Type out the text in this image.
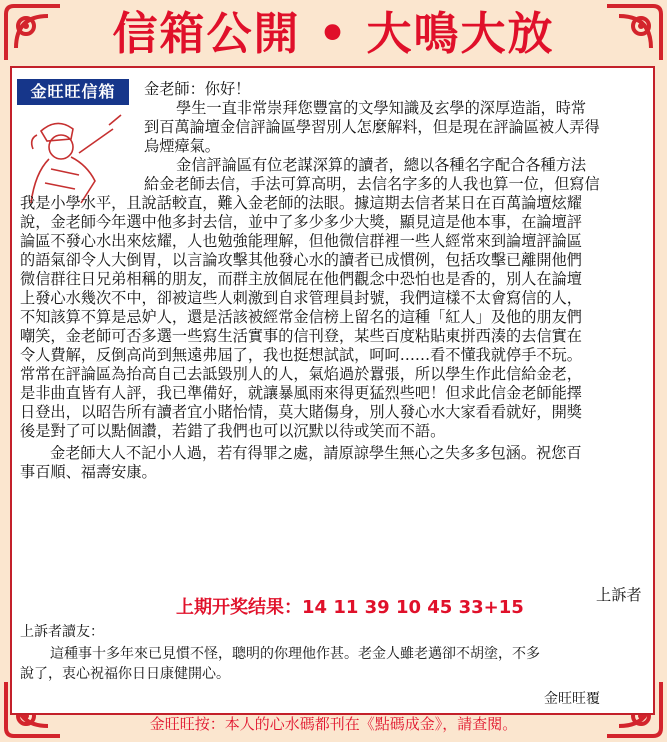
信箱公開 • 大鳴大放
金旺旺信箱	金老師：你好！
學生一直非常崇拜您豐富的文學知識及玄學的深厚造詣，時常
到百萬論壇金信評論區學習別人怎麼解料，但是現在評論區被人弄得
烏煙瘴氣。
金信評論區有位老謀深算的讀者，總以各種名字配合各種方法
給金老師去信，手法可算高明，去信名字多的人我也算一位，但寫信
我是小學水平，且說話較直，難入金老師的法眼。據這期去信者某日在百萬論壇炫耀
說，金老師今年選中他多封去信，並中了多少多少大獎，顯見這是他本事，在論壇評
論區不發心水出來炫耀，人也勉強能理解，但他微信群裡一些人經常來到論壇評論區
的語氣卻令人大倒胃，以言論攻擊其他發心水的讀者已成慣例，包括攻擊已離開他們
微信群往日兄弟相稱的朋友，而群主放個屁在他們觀念中恐怕也是香的，別人在論壇
上發心水幾次不中，卻被這些人刺激到自求管理員封號，我們這樣不太會寫信的人，
不知該算不算是忌妒人，還是活該被經常金信榜上留名的這種「紅人」及他的朋友們
嘲笑，金老師可否多選一些寫生活實事的信刊登，某些百度粘貼東拼西湊的去信實在
令人費解，反倒高尚到無遠弗屆了，我也挺想試試，呵呵……看不懂我就停手不玩。
常常在評論區為抬高自己去詆毀別人的人，氣焰過於囂張，所以學生作此信給金老，
是非曲直皆有人評，我已準備好，就讓暴風雨來得更猛烈些吧！但求此信金老師能擇
日登出，以昭告所有讀者宜小賭怡情，莫大賭傷身，別人發心水大家看看就好，開獎
後是對了可以點個讚，若錯了我們也可以沉默以待或笑而不語。
金老師大人不記小人過，若有得罪之處，請原諒學生無心之失多多包涵。祝您百
事百順、福壽安康。
上訴者
上期开奖结果：14 11 39 10 45 33+15
上訴者讀友：
這種事十多年來已見慣不怪，聰明的你理他作甚。老金人雖老邁卻不胡塗，不多
說了，衷心祝福你日日康健開心。
金旺旺覆
金旺旺按：本人的心水碼都刊在《點碼成金》，請查閱。
